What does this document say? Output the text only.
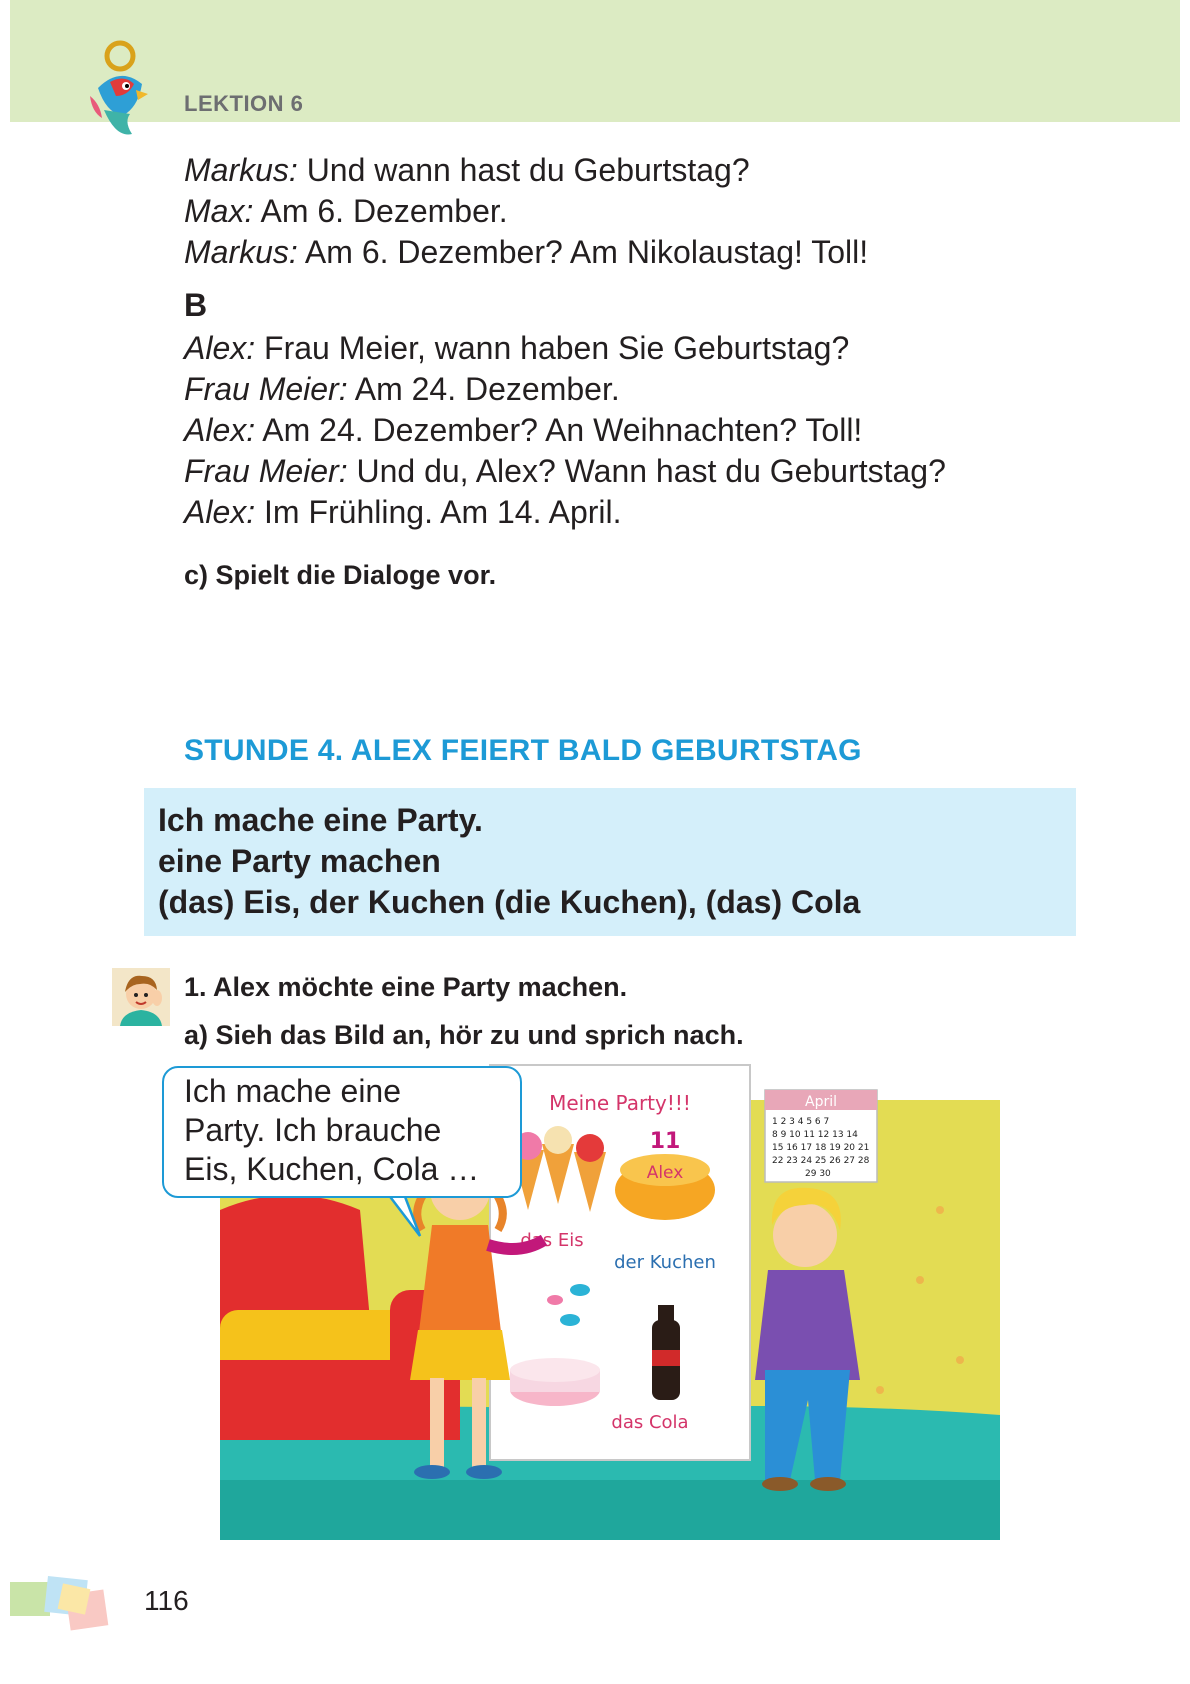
LEKTION 6
Markus: Und wann hast du Geburtstag?
Max: Am 6. Dezember.
Markus: Am 6. Dezember? Am Nikolaustag! Toll!
B
Alex: Frau Meier, wann haben Sie Geburtstag?
Frau Meier: Am 24. Dezember.
Alex: Am 24. Dezember? An Weihnachten? Toll!
Frau Meier: Und du, Alex? Wann hast du Geburtstag?
Alex: Im Frühling. Am 14. April.
c) Spielt die Dialoge vor.
STUNDE 4. ALEX FEIERT BALD GEBURTSTAG
Ich mache eine Party.
eine Party machen
(das) Eis, der Kuchen (die Kuchen), (das) Cola
1. Alex möchte eine Party machen.
a) Sieh das Bild an, hör zu und sprich nach.
Meine Party!!!
das Eis
Alex
11
der Kuchen
das Cola
April
1 2 3 4 5 6 7
8 9 10 11 12 13 14
15 16 17 18 19 20 21
22 23 24 25 26 27 28
29 30
Ich mache eine
Party. Ich brauche
Eis, Kuchen, Cola …
116
